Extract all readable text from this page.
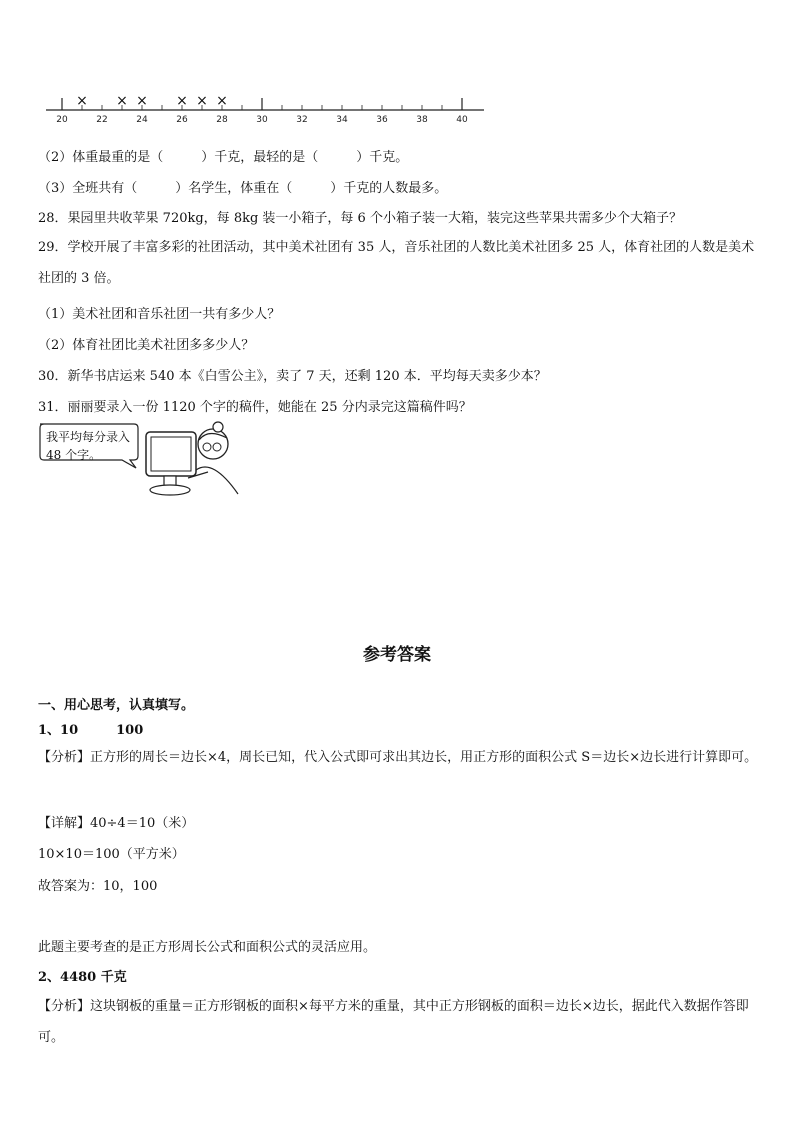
20	22	24	26	28	30	32	34	36	38	40
× × × × × ×
（2）体重最重的是（	）千克，最轻的是（	）千克。
（3）全班共有（	）名学生，体重在（	）千克的人数最多。
28．果园里共收苹果 720kg，每 8kg 装一小箱子，每 6 个小箱子装一大箱，装完这些苹果共需多少个大箱子？
29．学校开展了丰富多彩的社团活动，其中美术社团有 35 人，音乐社团的人数比美术社团多 25 人，体育社团的人数是美术社团的 3 倍。
（1）美术社团和音乐社团一共有多少人？
（2）体育社团比美术社团多多少人？
30．新华书店运来 540 本《白雪公主》，卖了 7 天，还剩 120 本．平均每天卖多少本？
31．丽丽要录入一份 1120 个字的稿件，她能在 25 分内录完这篇稿件吗？
我平均每分录入 48 个字。
参考答案
一、用心思考，认真填写。
1、10	100
【分析】正方形的周长＝边长×4，周长已知，代入公式即可求出其边长，用正方形的面积公式 S＝边长×边长进行计算即可。
【详解】40÷4＝10（米）
10×10＝100（平方米）
故答案为：10，100
此题主要考查的是正方形周长公式和面积公式的灵活应用。
2、4480 千克
【分析】这块钢板的重量＝正方形钢板的面积×每平方米的重量，其中正方形钢板的面积＝边长×边长，据此代入数据作答即可。
